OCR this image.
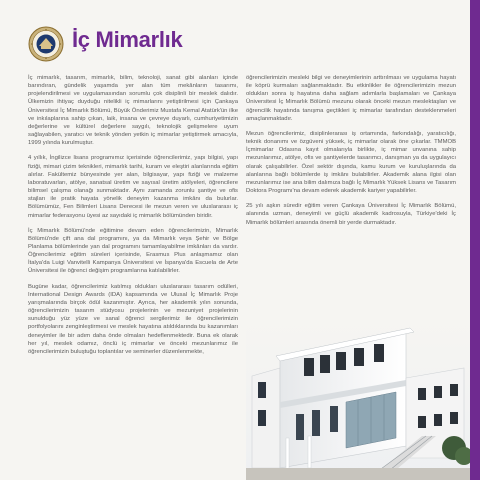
İç Mimarlık

İç mimarlık, tasarım, mimarlık, bilim, teknoloji, sanat gibi alanları içinde barındıran, gündelik yaşamda yer alan tüm mekânların tasarımı, projelendirilmesi ve uygulamasından sorumlu çok disiplinli bir meslek dalıdır. Ülkemizin ihtiyaç duyduğu nitelikli iç mimarlarını yetiştirilmesi için Çankaya Üniversitesi İç Mimarlık Bölümü, Büyük Önderimiz Mustafa Kemal Atatürk'ün ilke ve inkılaplarına sahip çıkan, laik, insana ve çevreye duyarlı, cumhuriyetimizin değerlerine ve kültürel değerlere saygılı, teknolojik gelişmelere uyum sağlayabilen, yaratıcı ve teknik yönden yetkin iç mimarlar yetiştirmek amacıyla, 1999 yılında kurulmuştur.

4 yıllık, İngilizce lisans programımız içerisinde öğrencilerimiz, yapı bilgisi, yapı fiziği, mimari çizim teknikleri, mimarlık tarihi, kuram ve eleştiri alanlarında eğitim alırlar. Fakültemiz bünyesinde yer alan, bilgisayar, yapı fiziği ve malzeme laboratuvarları, atölye, sanatsal üretim ve sayısal üretim atölyeleri, öğrencilere bilimsel çalışma olanağı sunmaktadır. Aynı zamanda zorunlu şantiye ve ofis stajları ile pratik hayata yönelik deneyim kazanma imkânı da bulurlar. Bölümümüz, Fen Bilimleri Lisans Derecesi ile mezun veren ve uluslararası iç mimarlar federasyonu üyesi az sayıdaki iç mimarlık bölümünden biridir.

İç Mimarlık Bölümü'nde eğitimine devam eden öğrencilerimizin, Mimarlık Bölümü'nde çift ana dal programını, ya da Mimarlık veya Şehir ve Bölge Planlama bölümlerinde yan dal programını tamamlayabilme imkânları da vardır. Öğrencilerimiz eğitim süreleri içerisinde, Erasmus Plus anlaşmamız olan İtalya'da Luigi Vanvitelli Kampanya Üniversitesi ve İspanya'da Escuela de Arte Üniversitesi ile öğrenci değişim programlarına katılabilirler.

Bugüne kadar, öğrencilerimiz katılmış oldukları uluslararası tasarım odülleri, International Design Awards (IDA) kapsamında ve Ulusal İç Mimarlık Proje yarışmalarında birçok ödül kazanmıştır. Ayrıca, her akademik yılın sonunda, öğrencilerimizin tasarım stüdyosu projelerinin ve mezuniyet projelerinin sunulduğu yüz yüze ve sanal öğrenci sergilerimiz ile öğrencilerimizin portfolyolarını zenginleştirmesi ve meslek hayatına atıldıklarında bu kazanımları deneyimler ile bir adım daha önde olmaları hedeflenmektedir. Buna ek olarak her yıl, meslek odamız, önclü iç mimarlar ve önceki mezunlarımız ile öğrencilerimizin buluştuğu toplantılar ve seminerler düzenlenmekte,

öğrencilerimizin mesleki bilgi ve deneyimlerinin arttırılması ve uygulama hayatı ile köprü kurmaları sağlanmaktadır. Bu etkinlikler ile öğrencilerimizin mezun oldukları sonra iş hayatına daha sağlam adımlarla başlamaları ve Çankaya Üniversitesi İç Mimarlık Bölümü mezunu olarak önceki mezun meslektaşları ve öğrencilik hayatında tanışma geçtikleri iç mimarlar tarafından desteklenmeleri amaçlanmaktadır.

Mezun öğrencilerimiz, disiplinlerarası iş ortamında, farkındalığı, yaratıcılığı, teknik donanımı ve özgüveni yüksek, iç mimarlar olarak öne çıkarlar. TMMOB İçmimarlar Odasına kayıt olmalarıyla birlikte, iç mimar unvanına sahip mezunlarımız, atölye, ofis ve şantiyelerde tasarımcı, danışman ya da uygulayıcı olarak çalışabilirler. Özel sektör dışında, kamu kurum ve kuruluşlarında da alanlarına bağlı bölümlerde iş imkânı bulabilirler. Akademik alana ilgisi olan mezunlarımız ise ana bilim dalımıza bağlı İç Mimarlık Yüksek Lisans ve Tasarım Doktora Programı'na devam ederek akademik kariyer yapabilirler.

25 yılı aşkın süredir eğitim veren Çankaya Üniversitesi İç Mimarlık Bölümü, alanında uzman, deneyimli ve güçlü akademik kadrosuyla, Türkiye'deki İç Mimarlık bölümleri arasında önemli bir yerde durmaktadır.
